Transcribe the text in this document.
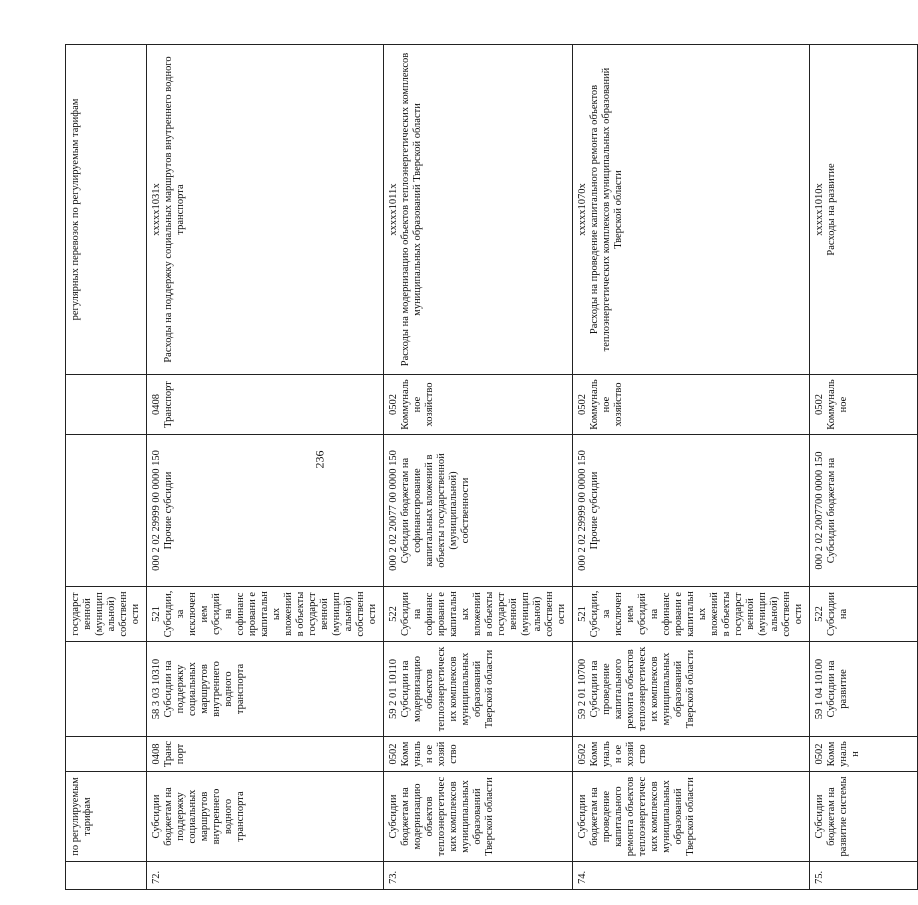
236

	по регулируемым тарифам			государственной (муниципальной) собственности			регулярных перевозок по регулируемым тарифам

72.	Субсидии бюджетам на поддержку социальных маршрутов внутреннего водного транспорта	0408 Транспорт	58 3 03 10310 Субсидии на поддержку социальных маршрутов внутреннего водного транспорта	521 Субсидии, за исключением субсидий на софинансировани е капитальных вложений в объекты государственной (муниципальной) собственности	000 2 02 29999 00 0000 150 Прочие субсидии	0408 Транспорт	xxxxx1031x Расходы на поддержку социальных маршрутов внутреннего водного транспорта

73.	Субсидии бюджетам на модернизацию объектов теплоэнергетических комплексов муниципальных образований Тверской области	0502 Коммунальн ое хозяйство	59 2 01 10110 Субсидии на модернизацию объектов теплоэнергетических комплексов муниципальных образований Тверской области	522 Субсидии на софинансировани е капитальных вложений в объекты государственной (муниципальной) собственности	000 2 02 20077 00 0000 150 Субсидии бюджетам на софинансирование капитальных вложений в объекты государственной (муниципальной) собственности	0502 Коммунальное хозяйство	xxxxx1011x Расходы на модернизацию объектов теплоэнергетических комплексов муниципальных образований Тверской области

74.	Субсидии бюджетам на проведение капитального ремонта объектов теплоэнергетических комплексов муниципальных образований Тверской области	0502 Коммунальн ое хозяйство	59 2 01 10700 Субсидии на проведение капитального ремонта объектов теплоэнергетических комплексов муниципальных образований Тверской области	521 Субсидии, за исключением субсидий на софинансировани е капитальных вложений в объекты государственной (муниципальной) собственности	000 2 02 29999 00 0000 150 Прочие субсидии	0502 Коммунальное хозяйство	xxxxx1070x Расходы на проведение капитального ремонта объектов теплоэнергетических комплексов муниципальных образований Тверской области

75.	Субсидии бюджетам на развитие системы	0502 Коммунальн	59 1 04 10100 Субсидии на развитие	522 Субсидии на	000 2 02 2007700 0000 150 Субсидии бюджетам на	0502 Коммунальное	xxxxx1010x Расходы на развитие
